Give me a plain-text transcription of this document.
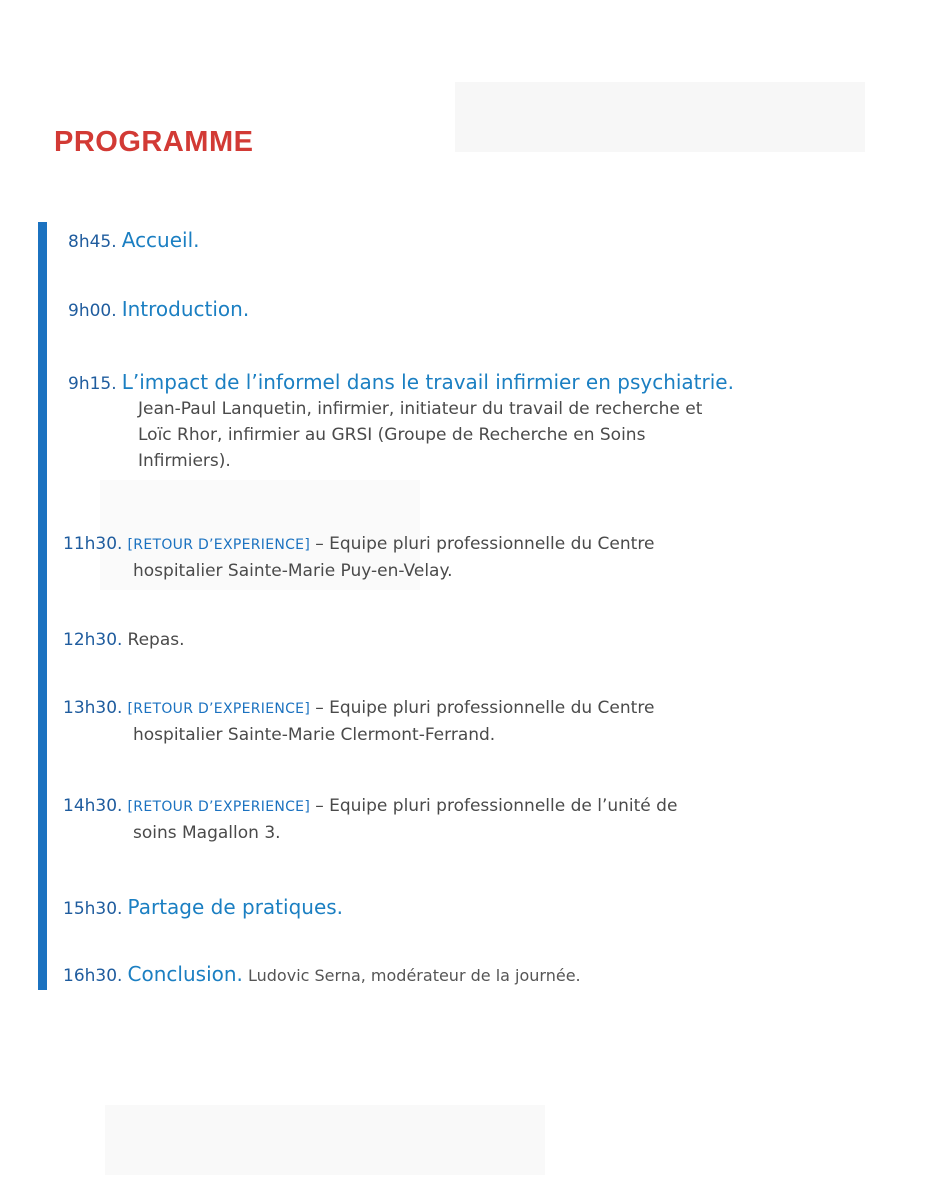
PROGRAMME
8h45. Accueil.
9h00. Introduction.
9h15. L’impact de l’informel dans le travail infirmier en psychiatrie.
Jean-Paul Lanquetin, infirmier, initiateur du travail de recherche et
Loïc Rhor, infirmier au GRSI (Groupe de Recherche en Soins
Infirmiers).
11h30. [RETOUR D’EXPERIENCE] – Equipe pluri professionnelle du Centre
hospitalier Sainte-Marie Puy-en-Velay.
12h30. Repas.
13h30. [RETOUR D’EXPERIENCE] – Equipe pluri professionnelle du Centre
hospitalier Sainte-Marie Clermont-Ferrand.
14h30. [RETOUR D’EXPERIENCE] – Equipe pluri professionnelle de l’unité de
soins Magallon 3.
15h30. Partage de pratiques.
16h30. Conclusion. Ludovic Serna, modérateur de la journée.
